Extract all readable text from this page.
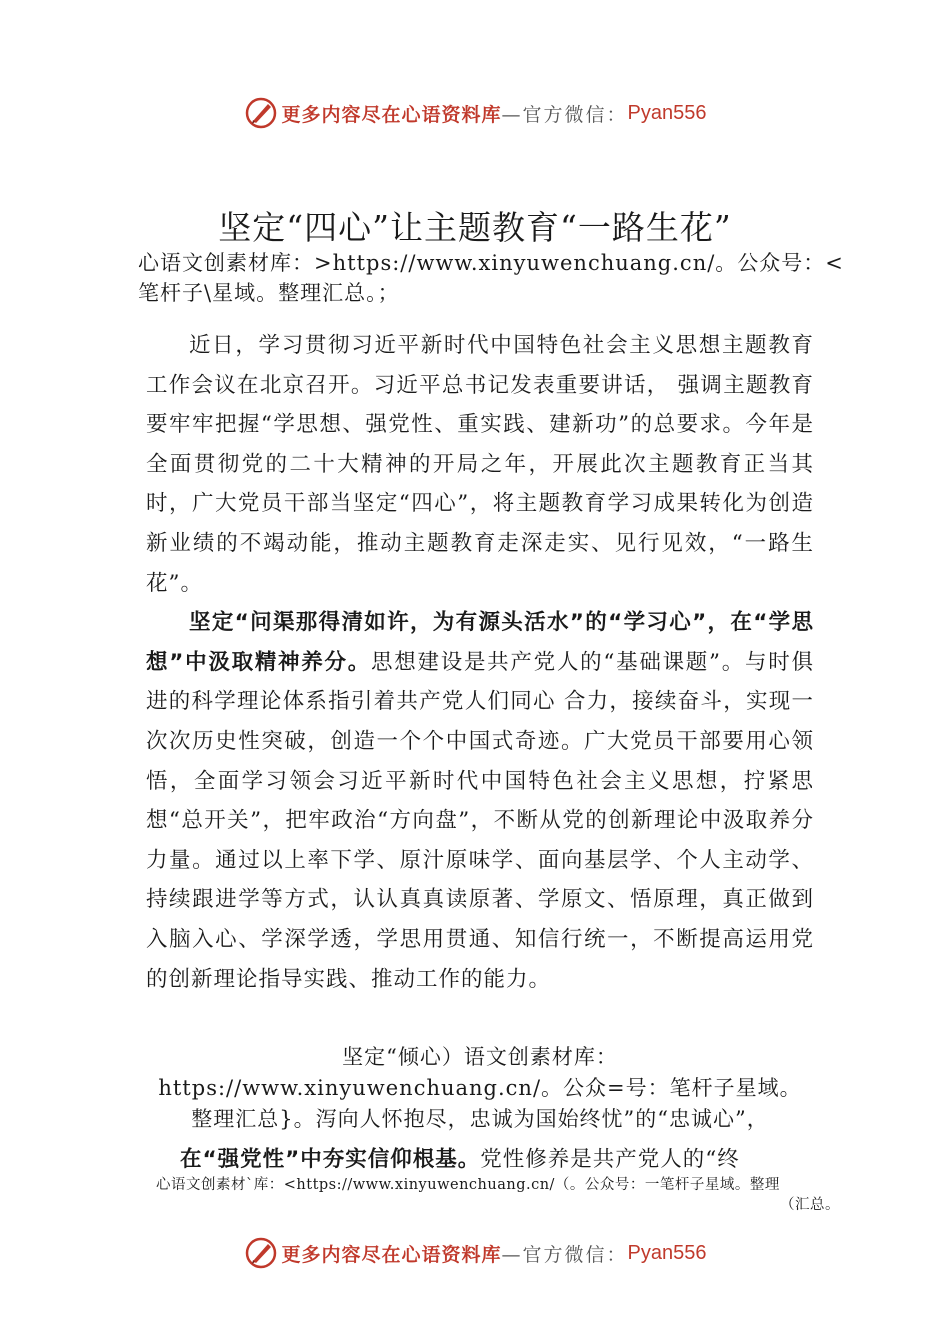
更多内容尽在心语资料库 —官方微信： Pyan556
坚定“四心”让主题教育“一路生花”
心语文创素材库：>https://www.xinyuwenchuang.cn/。公众号：<笔杆子\星域。整理汇总。；

近日，学习贯彻习近平新时代中国特色社会主义思想主题教育工作会议在北京召开。习近平总书记发表重要讲话， 强调主题教育要牢牢把握“学思想、强党性、重实践、建新功”的总要求。今年是全面贯彻党的二十大精神的开局之年，开展此次主题教育正当其时，广大党员干部当坚定“四心”，将主题教育学习成果转化为创造新业绩的不竭动能，推动主题教育走深走实、见行见效，“一路生花”。

坚定“问渠那得清如许，为有源头活水”的“学习心”，在“学思想”中汲取精神养分。思想建设是共产党人的“基础课题”。与时俱进的科学理论体系指引着共产党人们同心 合力，接续奋斗，实现一次次历史性突破，创造一个个中国式奇迹。广大党员干部要用心领悟，全面学习领会习近平新时代中国特色社会主义思想，拧紧思想“总开关”，把牢政治“方向盘”，不断从党的创新理论中汲取养分力量。通过以上率下学、原汁原味学、面向基层学、个人主动学、持续跟进学等方式，认认真真读原著、学原文、悟原理，真正做到入脑入心、学深学透，学思用贯通、知信行统一，不断提高运用党的创新理论指导实践、推动工作的能力。

坚定“倾心）语文创素材库：https://www.xinyuwenchuang.cn/。公众=号：笔杆子星域。整理汇总}。泻向人怀抱尽，忠诚为国始终忧”的“忠诚心”，
在“强党性”中夯实信仰根基。党性修养是共产党人的“终
心语文创素材`库：<https://www.xinyuwenchuang.cn/（。公众号：一笔杆子星域。整理
（汇总。
更多内容尽在心语资料库 —官方微信： Pyan556
